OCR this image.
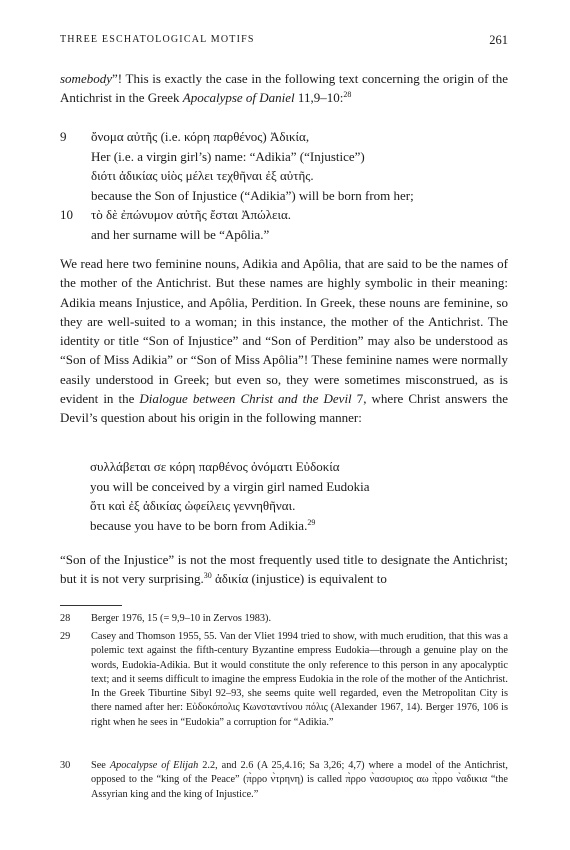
THREE ESCHATOLOGICAL MOTIFS	261

somebody”! This is exactly the case in the following text concerning the origin of the Antichrist in the Greek Apocalypse of Daniel 11,9–10:$^{28}$

9 ὄνομα αὐτῆς (i.e. κόρη παρθένος) Ἀδικία,
Her (i.e. a virgin girl’s) name: “Adikia” (“Injustice”)
διότι ἀδικίας υἱὸς μέλει τεχθῆναι ἐξ αὐτῆς.
because the Son of Injustice (“Adikia”) will be born from her;
10 τὸ δὲ ἐπώνυμον αὐτῆς ἔσται Ἀπώλεια.
and her surname will be “Apôlia.”

We read here two feminine nouns, Adikia and Apôlia, that are said to be the names of the mother of the Antichrist. But these names are highly symbolic in their meaning: Adikia means Injustice, and Apôlia, Perdition. In Greek, these nouns are feminine, so they are well-suited to a woman; in this instance, the mother of the Antichrist. The identity or title “Son of Injustice” and “Son of Perdition” may also be understood as “Son of Miss Adikia” or “Son of Miss Apôlia”! These feminine names were normally easily understood in Greek; but even so, they were sometimes misconstrued, as is evident in the Dialogue between Christ and the Devil 7, where Christ answers the Devil’s question about his origin in the following manner:

συλλάβεται σε κόρη παρθένος ὀνόματι Εὐδοκία
you will be conceived by a virgin girl named Eudokia
ὅτι καὶ ἐξ ἀδικίας ὠφείλεις γεννηθῆναι.
because you have to be born from Adikia.$^{29}$

“Son of the Injustice” is not the most frequently used title to designate the Antichrist; but it is not very surprising.$^{30}$ ἀδικία (injustice) is equivalent to

28 Berger 1976, 15 (= 9,9–10 in Zervos 1983).
29 Casey and Thomson 1955, 55. Van der Vliet 1994 tried to show, with much erudition, that this was a polemic text against the fifth-century Byzantine empress Eudokia—through a genuine play on the words, Eudokia-Adikia. But it would constitute the only reference to this person in any apocalyptic text; and it seems difficult to imagine the empress Eudokia in the role of the mother of the Antichrist. In the Greek Tiburtine Sibyl 92–93, she seems quite well regarded, even the Metropolitan City is there named after her: Εὐδοκόπολις Κωνσταντίνου πόλις (Alexander 1967, 14). Berger 1976, 106 is right when he sees in “Eudokia” a corruption for “Adikia.”
30 See Apocalypse of Elijah 2.2, and 2.6 (A 25,4.16; Sa 3,26; 4,7) where a model of the Antichrist, opposed to the “king of the Peace” (π̀ρρο ν̀τρηνη) is called π̀ρρο ν̀ασσυριος αω π̀ρρο ν̀αδικια “the Assyrian king and the king of Injustice.”
